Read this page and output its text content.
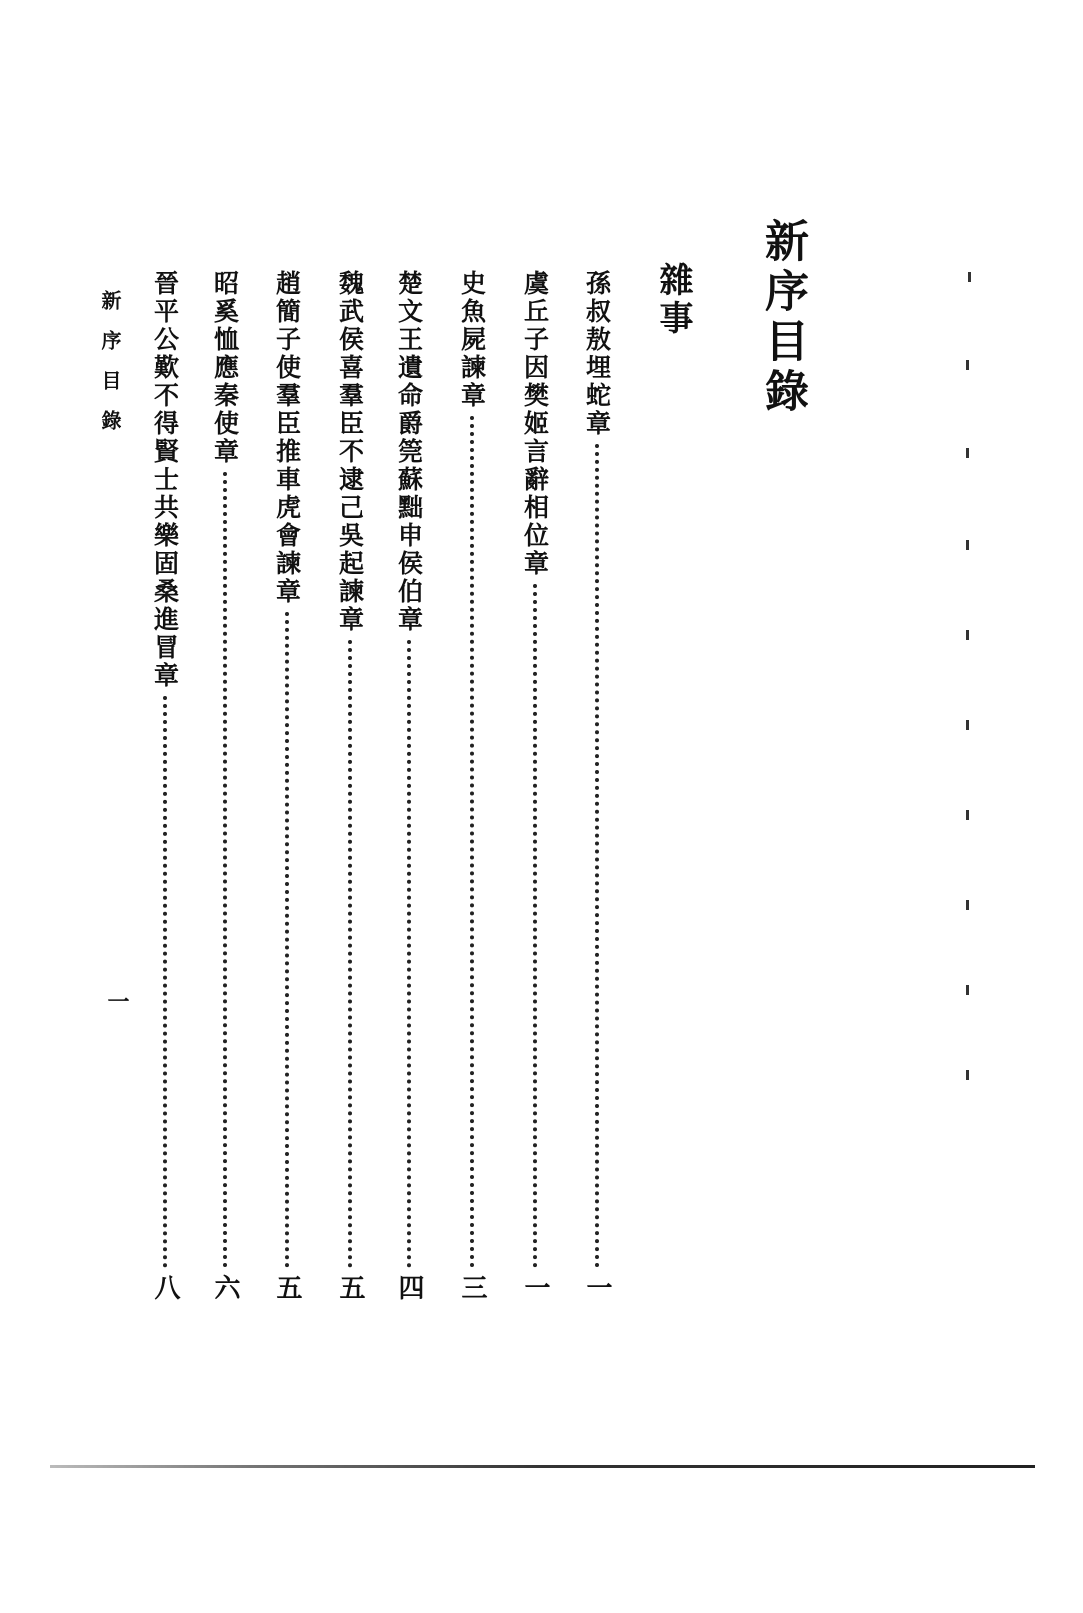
新序目錄
雜事
孫叔敖埋蛇章
一
虞丘子因樊姬言辭相位章
一
史魚屍諫章
三
楚文王遺命爵筦蘇黜申侯伯章
四
魏武侯喜羣臣不逮己吳起諫章
五
趙簡子使羣臣推車虎會諫章
五
昭奚恤應秦使章
六
晉平公歎不得賢士共樂固桑進冒章
八
新序目錄
一
